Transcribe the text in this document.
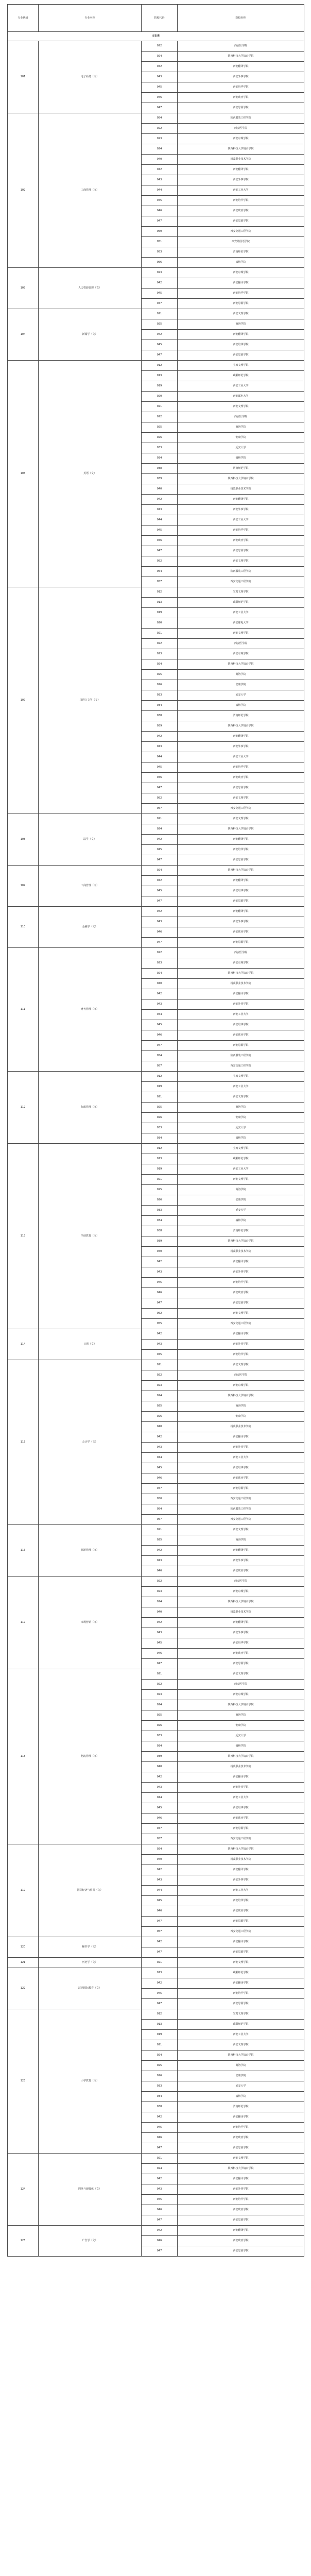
专业代码	专业名称	院校代码	院校名称
文史类			
101	电子商务（文）	022	西安医学院
		024	陕西科技大学镐京学院
		042	西安翻译学院
		043	西安外事学院
		045	西安培华学院
		046	西安欧亚学院
		047	西安思源学院
102	工商管理（文）	054	陕西服装工程学院
		022	西安医学院
		023	西安京城学院
		024	陕西科技大学镐京学院
		040	杨凌职业技术学院
		042	西安翻译学院
		043	西安外事学院
		044	西安工业大学
		045	西安培华学院
		046	西安欧亚学院
		047	西安思源学院
		050	西安交通工程学院
		051	西安外国语学院
		053	渭南师范学院
		056	榆林学院
103	人力资源管理（文）	023	西安京城学院
		042	西安翻译学院
		045	西安培华学院
		047	西安思源学院
104	新闻学（文）	021	西安文理学院
		025	商洛学院
		042	西安翻译学院
		045	西安培华学院
		047	西安思源学院
106	英语（文）	012	宝鸡文理学院
		013	咸阳师范学院
		019	西安工业大学
		020	西安邮电大学
		021	西安文理学院
		022	西安医学院
		025	商洛学院
		026	安康学院
		033	延安大学
		034	榆林学院
		038	渭南师范学院
		039	陕西科技大学镐京学院
		040	杨凌职业技术学院
		042	西安翻译学院
		043	西安外事学院
		044	西安工业大学
		045	西安培华学院
		046	西安欧亚学院
		047	西安思源学院
		052	西安文理学院
		054	陕西服装工程学院
		057	西安交通工程学院
107	汉语言文学（文）	012	宝鸡文理学院
		013	咸阳师范学院
		019	西安工业大学
		020	西安邮电大学
		021	西安文理学院
		022	西安医学院
		023	西安京城学院
		024	陕西科技大学镐京学院
		025	商洛学院
		026	安康学院
		033	延安大学
		034	榆林学院
		038	渭南师范学院
		039	陕西科技大学镐京学院
		042	西安翻译学院
		043	西安外事学院
		044	西安工业大学
		045	西安培华学院
		046	西安欧亚学院
		047	西安思源学院
		052	西安文理学院
		057	西安交通工程学院
108	法学（文）	021	西安文理学院
		024	陕西科技大学镐京学院
		042	西安翻译学院
		045	西安培华学院
		047	西安思源学院
109	工商管理（文）	024	陕西科技大学镐京学院
		042	西安翻译学院
		045	西安培华学院
		047	西安思源学院
110	金融学（文）	042	西安翻译学院
		043	西安外事学院
		046	西安欧亚学院
		047	西安思源学院
111	财务管理（文）	022	西安医学院
		023	西安京城学院
		024	陕西科技大学镐京学院
		040	杨凌职业技术学院
		042	西安翻译学院
		043	西安外事学院
		044	西安工业大学
		045	西安培华学院
		046	西安欧亚学院
		047	西安思源学院
		054	陕西服装工程学院
		057	西安交通工程学院
112	行政管理（文）	012	宝鸡文理学院
		019	西安工业大学
		021	西安文理学院
		025	商洛学院
		026	安康学院
		033	延安大学
		034	榆林学院
113	学前教育（文）	012	宝鸡文理学院
		013	咸阳师范学院
		019	西安工业大学
		021	西安文理学院
		025	商洛学院
		026	安康学院
		033	延安大学
		034	榆林学院
		038	渭南师范学院
		039	陕西科技大学镐京学院
		040	杨凌职业技术学院
		042	西安翻译学院
		043	西安外事学院
		045	西安培华学院
		046	西安欧亚学院
		047	西安思源学院
		052	西安文理学院
		055	西安交通工程学院
114	日语（文）	042	西安翻译学院
		043	西安外事学院
		045	西安培华学院
115	会计学（文）	021	西安文理学院
		022	西安医学院
		023	西安京城学院
		024	陕西科技大学镐京学院
		025	商洛学院
		026	安康学院
		040	杨凌职业技术学院
		042	西安翻译学院
		043	西安外事学院
		044	西安工业大学
		045	西安培华学院
		046	西安欧亚学院
		047	西安思源学院
		050	西安交通工程学院
		054	陕西服装工程学院
		057	西安交通工程学院
116	旅游管理（文）	021	西安文理学院
		025	商洛学院
		042	西安翻译学院
		043	西安外事学院
		046	西安欧亚学院
117	市场营销（文）	022	西安医学院
		023	西安京城学院
		024	陕西科技大学镐京学院
		040	杨凌职业技术学院
		042	西安翻译学院
		043	西安外事学院
		045	西安培华学院
		046	西安欧亚学院
		047	西安思源学院
118	物流管理（文）	021	西安文理学院
		022	西安医学院
		023	西安京城学院
		024	陕西科技大学镐京学院
		025	商洛学院
		026	安康学院
		033	延安大学
		034	榆林学院
		039	陕西科技大学镐京学院
		040	杨凌职业技术学院
		042	西安翻译学院
		043	西安外事学院
		044	西安工业大学
		045	西安培华学院
		046	西安欧亚学院
		047	西安思源学院
		057	西安交通工程学院
119	国际经济与贸易（文）	024	陕西科技大学镐京学院
		040	杨凌职业技术学院
		042	西安翻译学院
		043	西安外事学院
		044	西安工业大学
		045	西安培华学院
		046	西安欧亚学院
		047	西安思源学院
		057	西安交通工程学院
120	秘书学（文）	042	西安翻译学院
		047	西安思源学院
121	历史学（文）	021	西安文理学院
122	汉语国际教育（文）	013	咸阳师范学院
		042	西安翻译学院
		045	西安培华学院
		047	西安思源学院
123	小学教育（文）	012	宝鸡文理学院
		013	咸阳师范学院
		019	西安工业大学
		021	西安文理学院
		024	陕西科技大学镐京学院
		025	商洛学院
		026	安康学院
		033	延安大学
		034	榆林学院
		038	渭南师范学院
		042	西安翻译学院
		045	西安培华学院
		046	西安欧亚学院
		047	西安思源学院
124	网络与新媒体（文）	021	西安文理学院
		024	陕西科技大学镐京学院
		042	西安翻译学院
		043	西安外事学院
		045	西安培华学院
		046	西安欧亚学院
		047	西安思源学院
125	广告学（文）	042	西安翻译学院
		046	西安欧亚学院
		047	西安思源学院
